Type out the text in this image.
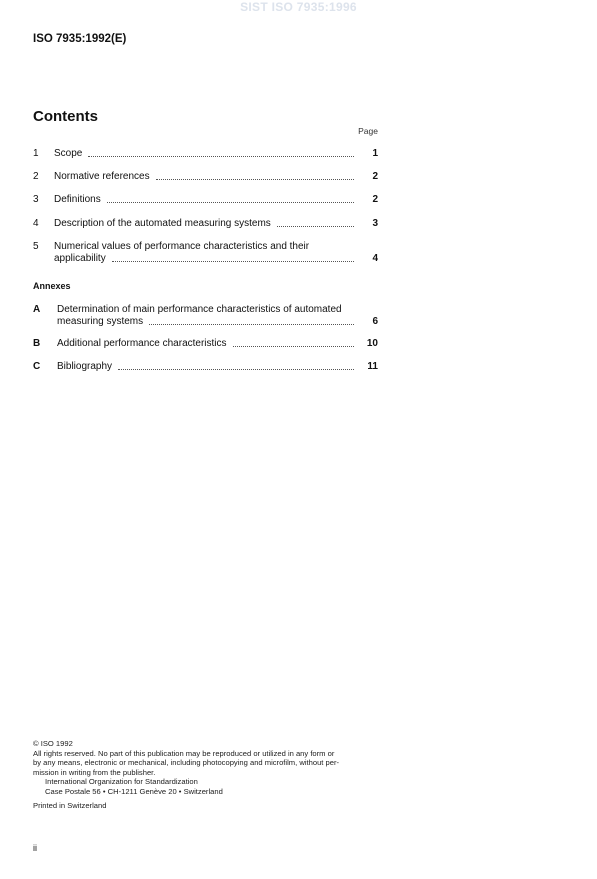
SIST ISO 7935:1996
ISO 7935:1992(E)
Contents
Page
1	Scope	1
2	Normative references	2
3	Definitions	2
4	Description of the automated measuring systems	3
5	Numerical values of performance characteristics and their
applicability	4
Annexes
A	Determination of main performance characteristics of automated
measuring systems	6
B	Additional performance characteristics	10
C	Bibliography	11
© ISO 1992
All rights reserved. No part of this publication may be reproduced or utilized in any form or
by any means, electronic or mechanical, including photocopying and microfilm, without per-
mission in writing from the publisher.
International Organization for Standardization
Case Postale 56 • CH-1211 Genève 20 • Switzerland
Printed in Switzerland
ii
